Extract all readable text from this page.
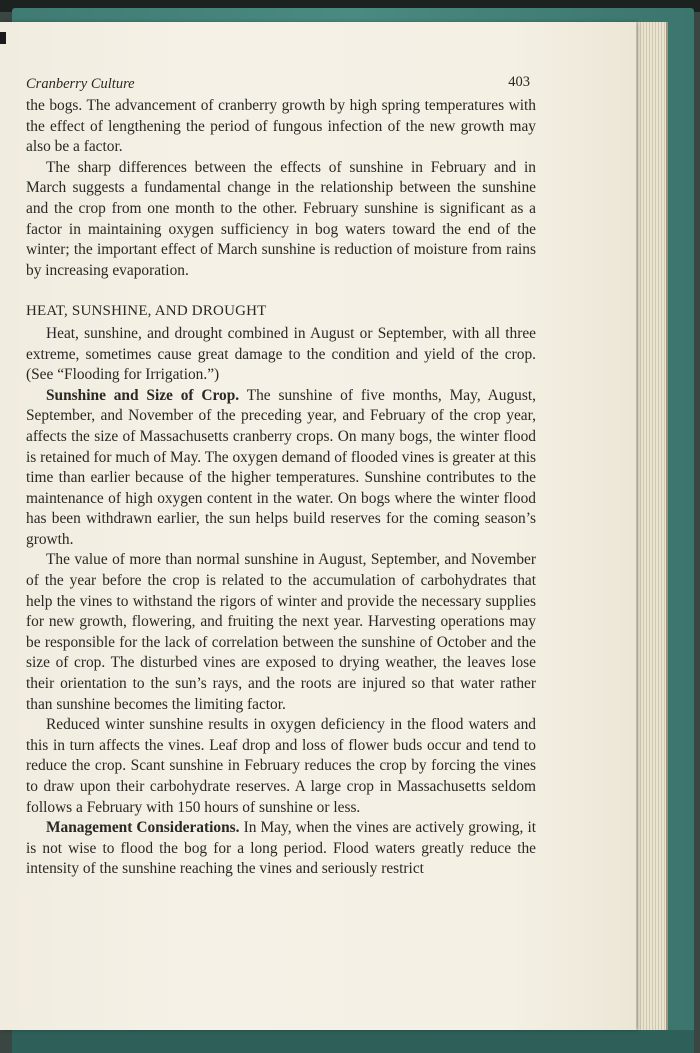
Cranberry Culture	403

the bogs. The advancement of cranberry growth by high spring temperatures with the effect of lengthening the period of fungous infection of the new growth may also be a factor.

The sharp differences between the effects of sunshine in February and in March suggests a fundamental change in the relationship between the sunshine and the crop from one month to the other. February sunshine is significant as a factor in maintaining oxygen sufficiency in bog waters toward the end of the winter; the important effect of March sunshine is reduction of moisture from rains by increasing evaporation.

HEAT, SUNSHINE, AND DROUGHT

Heat, sunshine, and drought combined in August or September, with all three extreme, sometimes cause great damage to the condition and yield of the crop. (See “Flooding for Irrigation.”)

Sunshine and Size of Crop. The sunshine of five months, May, August, September, and November of the preceding year, and February of the crop year, affects the size of Massachusetts cranberry crops. On many bogs, the winter flood is retained for much of May. The oxygen demand of flooded vines is greater at this time than earlier because of the higher temperatures. Sunshine contributes to the maintenance of high oxygen content in the water. On bogs where the winter flood has been withdrawn earlier, the sun helps build reserves for the coming season’s growth.

The value of more than normal sunshine in August, September, and November of the year before the crop is related to the accumulation of carbohydrates that help the vines to withstand the rigors of winter and provide the necessary supplies for new growth, flowering, and fruiting the next year. Harvesting operations may be responsible for the lack of correlation between the sunshine of October and the size of crop. The disturbed vines are exposed to drying weather, the leaves lose their orientation to the sun’s rays, and the roots are injured so that water rather than sunshine becomes the limiting factor.

Reduced winter sunshine results in oxygen deficiency in the flood waters and this in turn affects the vines. Leaf drop and loss of flower buds occur and tend to reduce the crop. Scant sunshine in February reduces the crop by forcing the vines to draw upon their carbohydrate reserves. A large crop in Massachusetts seldom follows a February with 150 hours of sunshine or less.

Management Considerations. In May, when the vines are actively growing, it is not wise to flood the bog for a long period. Flood waters greatly reduce the intensity of the sunshine reaching the vines and seriously restrict
